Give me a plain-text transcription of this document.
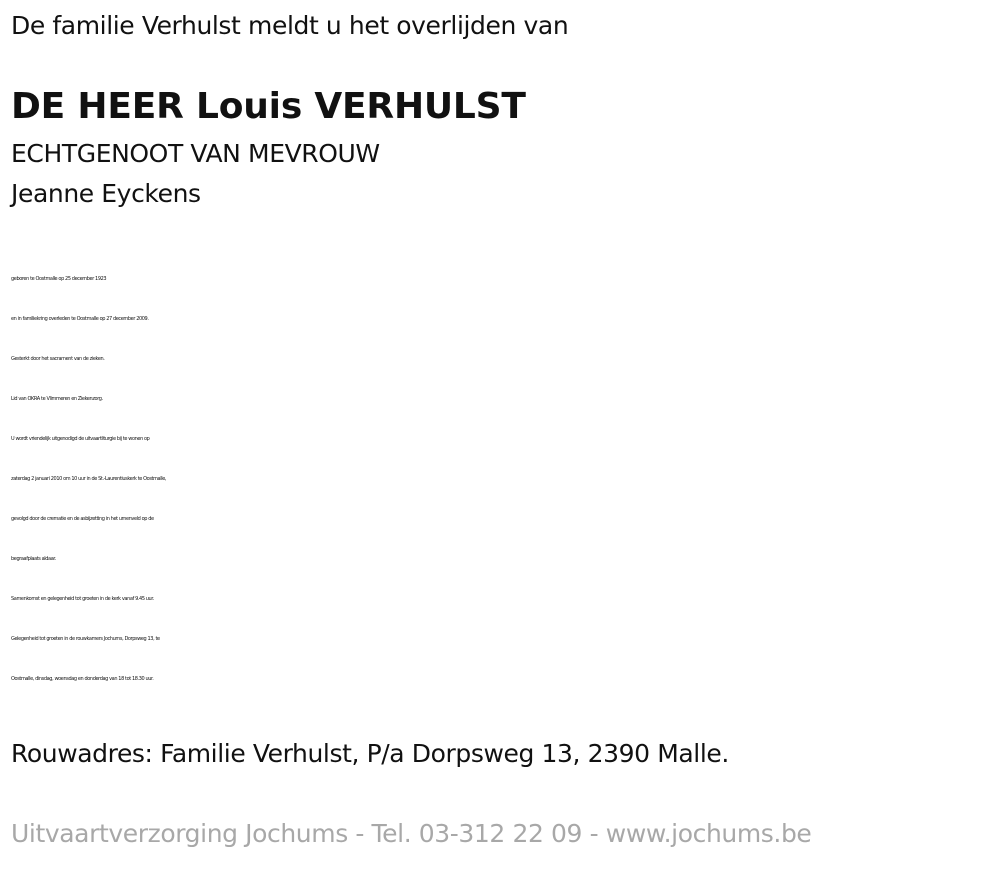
De familie Verhulst meldt u het overlijden van
DE HEER Louis VERHULST
ECHTGENOOT VAN MEVROUW
Jeanne Eyckens
geboren te Oostmalle op 25 december 1923
en in familiekring overleden te Oostmalle op 27 december 2009.
Gesterkt door het sacrament van de zieken.
Lid van OKRA te Vlimmeren en Ziekenzorg.
U wordt vriendelijk uitgenodigd de uitvaartliturgie bij te wonen op
zaterdag 2 januari 2010 om 10 uur in de St.-Laurentiuskerk te Oostmalle,
gevolgd door de crematie en de asbijzetting in het urnenveld op de
begraafplaats aldaar.
Samenkomst en gelegenheid tot groeten in de kerk vanaf 9.45 uur.
Gelegenheid tot groeten in de rouwkamers Jochums, Dorpsweg 13, te
Oostmalle, dinsdag, woensdag en donderdag van 18 tot 18.30 uur.
Rouwadres: Familie Verhulst, P/a Dorpsweg 13, 2390 Malle.
Uitvaartverzorging Jochums - Tel. 03-312 22 09 - www.jochums.be
